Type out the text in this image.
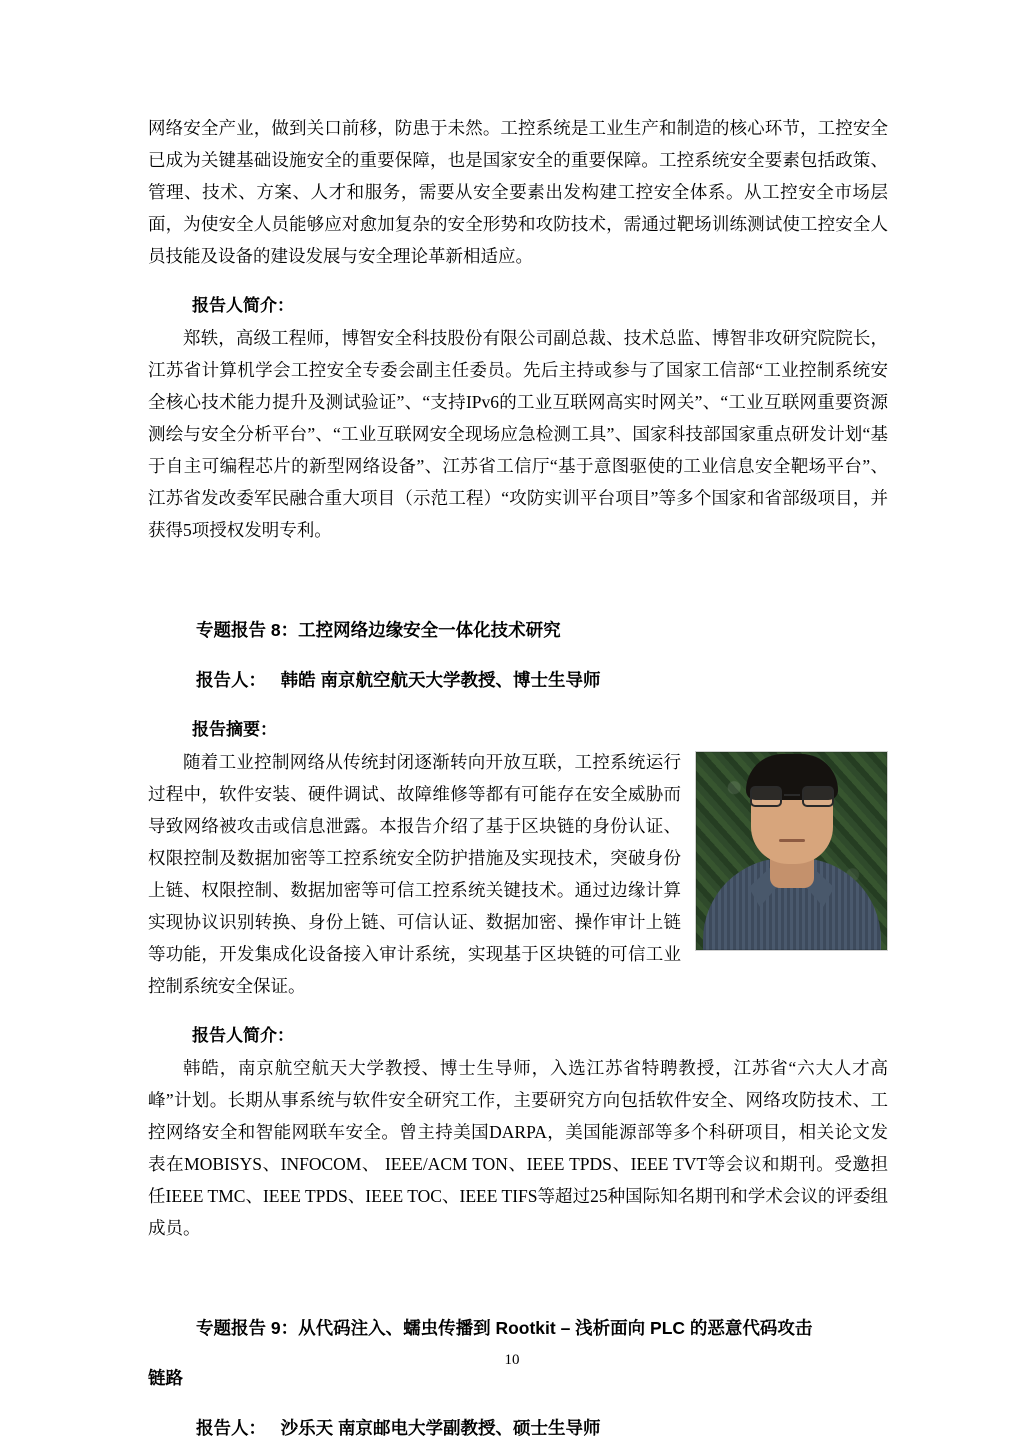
网络安全产业，做到关口前移，防患于未然。工控系统是工业生产和制造的核心环节，工控安全已成为关键基础设施安全的重要保障，也是国家安全的重要保障。工控系统安全要素包括政策、管理、技术、方案、人才和服务，需要从安全要素出发构建工控安全体系。从工控安全市场层面，为使安全人员能够应对愈加复杂的安全形势和攻防技术，需通过靶场训练测试使工控安全人员技能及设备的建设发展与安全理论革新相适应。

报告人简介：

郑轶，高级工程师，博智安全科技股份有限公司副总裁、技术总监、博智非攻研究院院长，江苏省计算机学会工控安全专委会副主任委员。先后主持或参与了国家工信部“工业控制系统安全核心技术能力提升及测试验证”、“支持IPv6的工业互联网高实时网关”、“工业互联网重要资源测绘与安全分析平台”、“工业互联网安全现场应急检测工具”、国家科技部国家重点研发计划“基于自主可编程芯片的新型网络设备”、江苏省工信厅“基于意图驱使的工业信息安全靶场平台”、江苏省发改委军民融合重大项目（示范工程）“攻防实训平台项目”等多个国家和省部级项目，并获得5项授权发明专利。

专题报告 8：工控网络边缘安全一体化技术研究

报告人： 韩皓 南京航空航天大学教授、博士生导师

报告摘要：

随着工业控制网络从传统封闭逐渐转向开放互联，工控系统运行过程中，软件安装、硬件调试、故障维修等都有可能存在安全威胁而导致网络被攻击或信息泄露。本报告介绍了基于区块链的身份认证、权限控制及数据加密等工控系统安全防护措施及实现技术，突破身份上链、权限控制、数据加密等可信工控系统关键技术。通过边缘计算实现协议识别转换、身份上链、可信认证、数据加密、操作审计上链等功能，开发集成化设备接入审计系统，实现基于区块链的可信工业控制系统安全保证。

报告人简介：

韩皓，南京航空航天大学教授、博士生导师，入选江苏省特聘教授，江苏省“六大人才高峰”计划。长期从事系统与软件安全研究工作，主要研究方向包括软件安全、网络攻防技术、工控网络安全和智能网联车安全。曾主持美国DARPA，美国能源部等多个科研项目，相关论文发表在MOBISYS、INFOCOM、 IEEE/ACM TON、IEEE TPDS、IEEE TVT等会议和期刊。受邀担任IEEE TMC、IEEE TPDS、IEEE TOC、IEEE TIFS等超过25种国际知名期刊和学术会议的评委组成员。

专题报告 9：从代码注入、蠕虫传播到 Rootkit – 浅析面向 PLC 的恶意代码攻击

链路

报告人： 沙乐天 南京邮电大学副教授、硕士生导师

10
